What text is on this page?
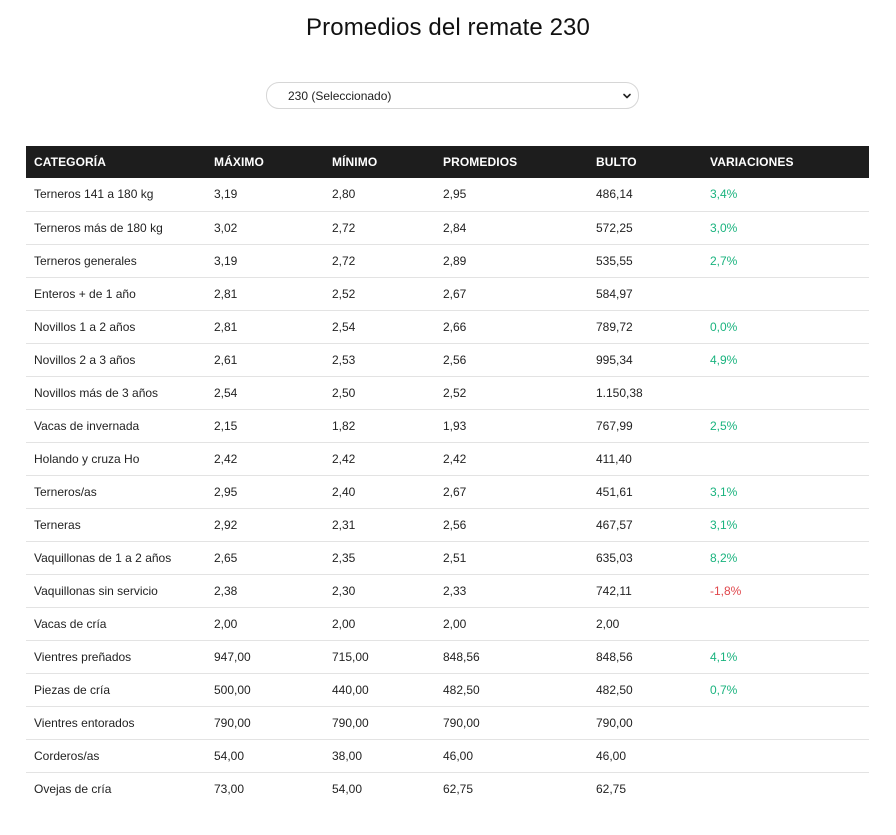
Promedios del remate 230
230 (Seleccionado)
CATEGORÍA	MÁXIMO	MÍNIMO	PROMEDIOS	BULTO	VARIACIONES
Terneros 141 a 180 kg	3,19	2,80	2,95	486,14	3,4%
Terneros más de 180 kg	3,02	2,72	2,84	572,25	3,0%
Terneros generales	3,19	2,72	2,89	535,55	2,7%
Enteros + de 1 año	2,81	2,52	2,67	584,97	
Novillos 1 a 2 años	2,81	2,54	2,66	789,72	0,0%
Novillos 2 a 3 años	2,61	2,53	2,56	995,34	4,9%
Novillos más de 3 años	2,54	2,50	2,52	1.150,38	
Vacas de invernada	2,15	1,82	1,93	767,99	2,5%
Holando y cruza Ho	2,42	2,42	2,42	411,40	
Terneros/as	2,95	2,40	2,67	451,61	3,1%
Terneras	2,92	2,31	2,56	467,57	3,1%
Vaquillonas de 1 a 2 años	2,65	2,35	2,51	635,03	8,2%
Vaquillonas sin servicio	2,38	2,30	2,33	742,11	-1,8%
Vacas de cría	2,00	2,00	2,00	2,00	
Vientres preñados	947,00	715,00	848,56	848,56	4,1%
Piezas de cría	500,00	440,00	482,50	482,50	0,7%
Vientres entorados	790,00	790,00	790,00	790,00	
Corderos/as	54,00	38,00	46,00	46,00	
Ovejas de cría	73,00	54,00	62,75	62,75	
